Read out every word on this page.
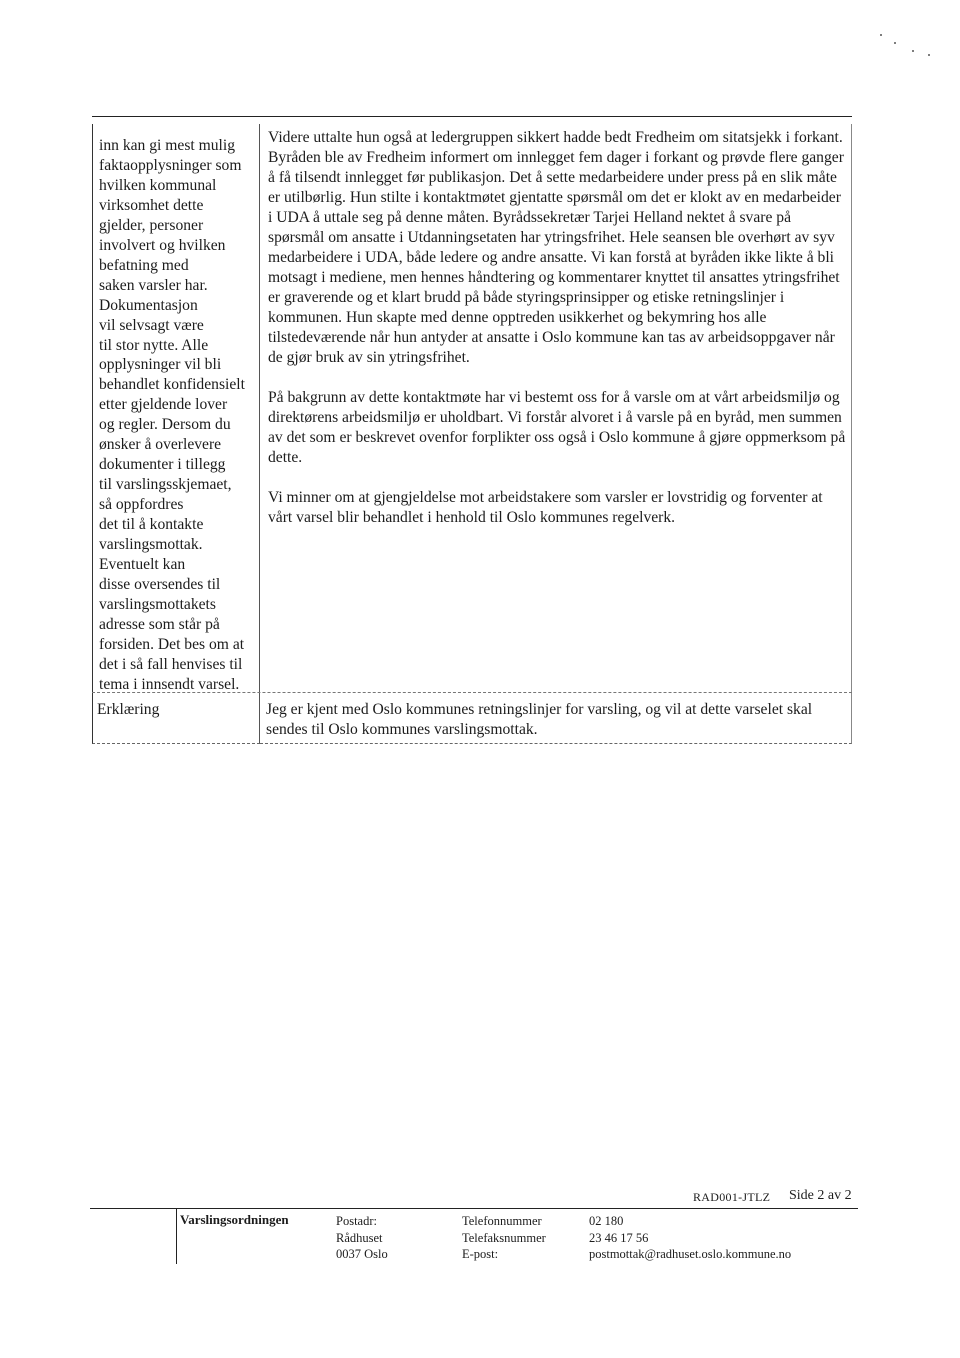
inn kan gi mest mulig
faktaopplysninger som
hvilken kommunal
virksomhet dette
gjelder, personer
involvert og hvilken
befatning med
saken varsler har.
Dokumentasjon
vil selvsagt være
til stor nytte. Alle
opplysninger vil bli
behandlet konfidensielt
etter gjeldende lover
og regler. Dersom du
ønsker å overlevere
dokumenter i tillegg
til varslingsskjemaet,
så oppfordres
det til å kontakte
varslingsmottak.
Eventuelt kan
disse oversendes til
varslingsmottakets
adresse som står på
forsiden. Det bes om at
det i så fall henvises til
tema i innsendt varsel.

Videre uttalte hun også at ledergruppen sikkert hadde bedt Fredheim om sitatsjekk i forkant. Byråden ble av Fredheim informert om innlegget fem dager i forkant og prøvde flere ganger å få tilsendt innlegget før publikasjon. Det å sette medarbeidere under press på en slik måte er utilbørlig. Hun stilte i kontaktmøtet gjentatte spørsmål om det er klokt av en medarbeider i UDA å uttale seg på denne måten. Byrådssekretær Tarjei Helland nektet å svare på spørsmål om ansatte i Utdanningsetaten har ytringsfrihet. Hele seansen ble overhørt av syv medarbeidere i UDA, både ledere og andre ansatte. Vi kan forstå at byråden ikke likte å bli motsagt i mediene, men hennes håndtering og kommentarer knyttet til ansattes ytringsfrihet er graverende og et klart brudd på både styringsprinsipper og etiske retningslinjer i kommunen. Hun skapte med denne opptreden usikkerhet og bekymring hos alle tilstedeværende når hun antyder at ansatte i Oslo kommune kan tas av arbeidsoppgaver når de gjør bruk av sin ytringsfrihet.

På bakgrunn av dette kontaktmøte har vi bestemt oss for å varsle om at vårt arbeidsmiljø og direktørens arbeidsmiljø er uholdbart. Vi forstår alvoret i å varsle på en byråd, men summen av det som er beskrevet ovenfor forplikter oss også i Oslo kommune å gjøre oppmerksom på dette.

Vi minner om at gjengjeldelse mot arbeidstakere som varsler er lovstridig og forventer at vårt varsel blir behandlet i henhold til Oslo kommunes regelverk.

Erklæring	Jeg er kjent med Oslo kommunes retningslinjer for varsling, og vil at dette varselet skal sendes til Oslo kommunes varslingsmottak.
RAD001-JTLZ Side 2 av 2
Varslingsordningen	Postadr:
Rådhuset
0037 Oslo
Telefonnummer
Telefaksnummer
E-post:
02 180
23 46 17 56
postmottak@radhuset.oslo.kommune.no
